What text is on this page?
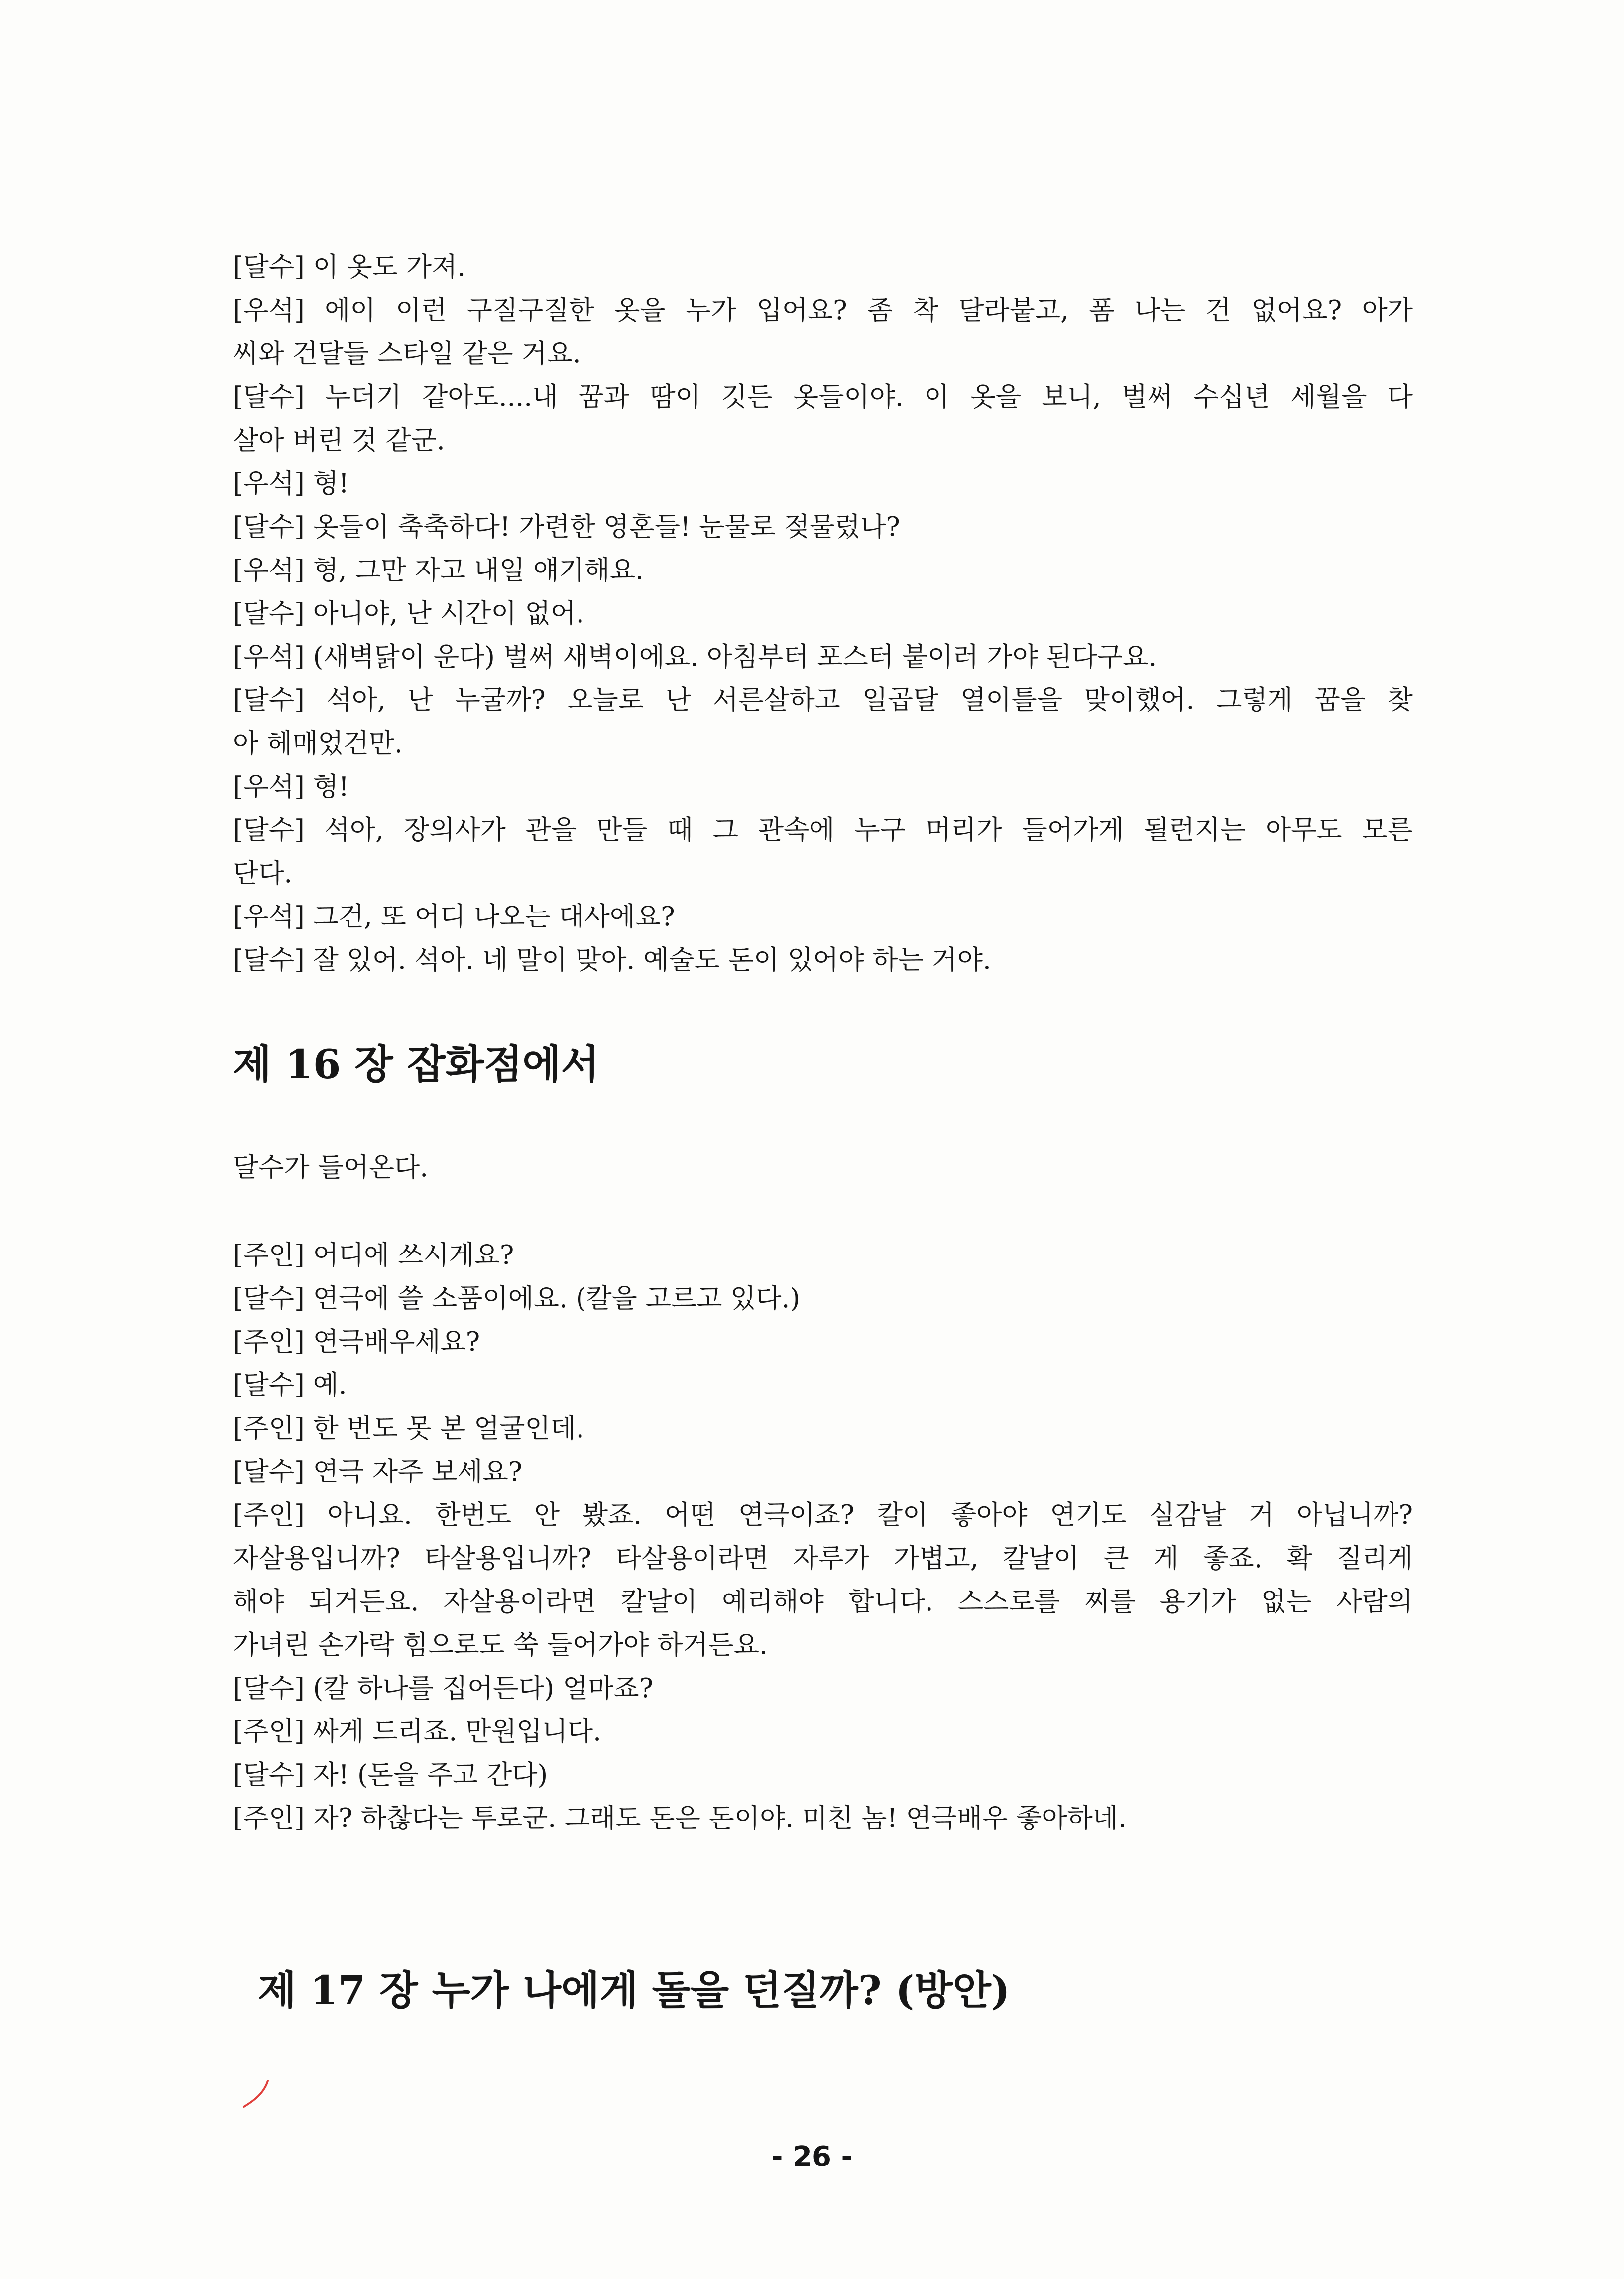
[달수] 이 옷도 가져.
[우석] 에이 이런 구질구질한 옷을 누가 입어요? 좀 착 달라붙고, 폼 나는 건 없어요? 아가
씨와 건달들 스타일 같은 거요.
[달수] 누더기 같아도....내 꿈과 땀이 깃든 옷들이야. 이 옷을 보니, 벌써 수십년 세월을 다
살아 버린 것 같군.
[우석] 형!
[달수] 옷들이 축축하다! 가련한 영혼들! 눈물로 젖물렀나?
[우석] 형, 그만 자고 내일 얘기해요.
[달수] 아니야, 난 시간이 없어.
[우석] (새벽닭이 운다) 벌써 새벽이에요. 아침부터 포스터 붙이러 가야 된다구요.
[달수] 석아, 난 누굴까? 오늘로 난 서른살하고 일곱달 열이틀을 맞이했어. 그렇게 꿈을 찾
아 헤매었건만.
[우석] 형!
[달수] 석아, 장의사가 관을 만들 때 그 관속에 누구 머리가 들어가게 될런지는 아무도 모른
단다.
[우석] 그건, 또 어디 나오는 대사에요?
[달수] 잘 있어. 석아. 네 말이 맞아. 예술도 돈이 있어야 하는 거야.
제 16 장 잡화점에서
달수가 들어온다.
[주인] 어디에 쓰시게요?
[달수] 연극에 쓸 소품이에요. (칼을 고르고 있다.)
[주인] 연극배우세요?
[달수] 예.
[주인] 한 번도 못 본 얼굴인데.
[달수] 연극 자주 보세요?
[주인] 아니요. 한번도 안 봤죠. 어떤 연극이죠? 칼이 좋아야 연기도 실감날 거 아닙니까?
자살용입니까? 타살용입니까? 타살용이라면 자루가 가볍고, 칼날이 큰 게 좋죠. 확 질리게
해야 되거든요. 자살용이라면 칼날이 예리해야 합니다. 스스로를 찌를 용기가 없는 사람의
가녀린 손가락 힘으로도 쑥 들어가야 하거든요.
[달수] (칼 하나를 집어든다) 얼마죠?
[주인] 싸게 드리죠. 만원입니다.
[달수] 자! (돈을 주고 간다)
[주인] 자? 하찮다는 투로군. 그래도 돈은 돈이야. 미친 놈! 연극배우 좋아하네.
제 17 장 누가 나에게 돌을 던질까? (방안)
- 26 -
